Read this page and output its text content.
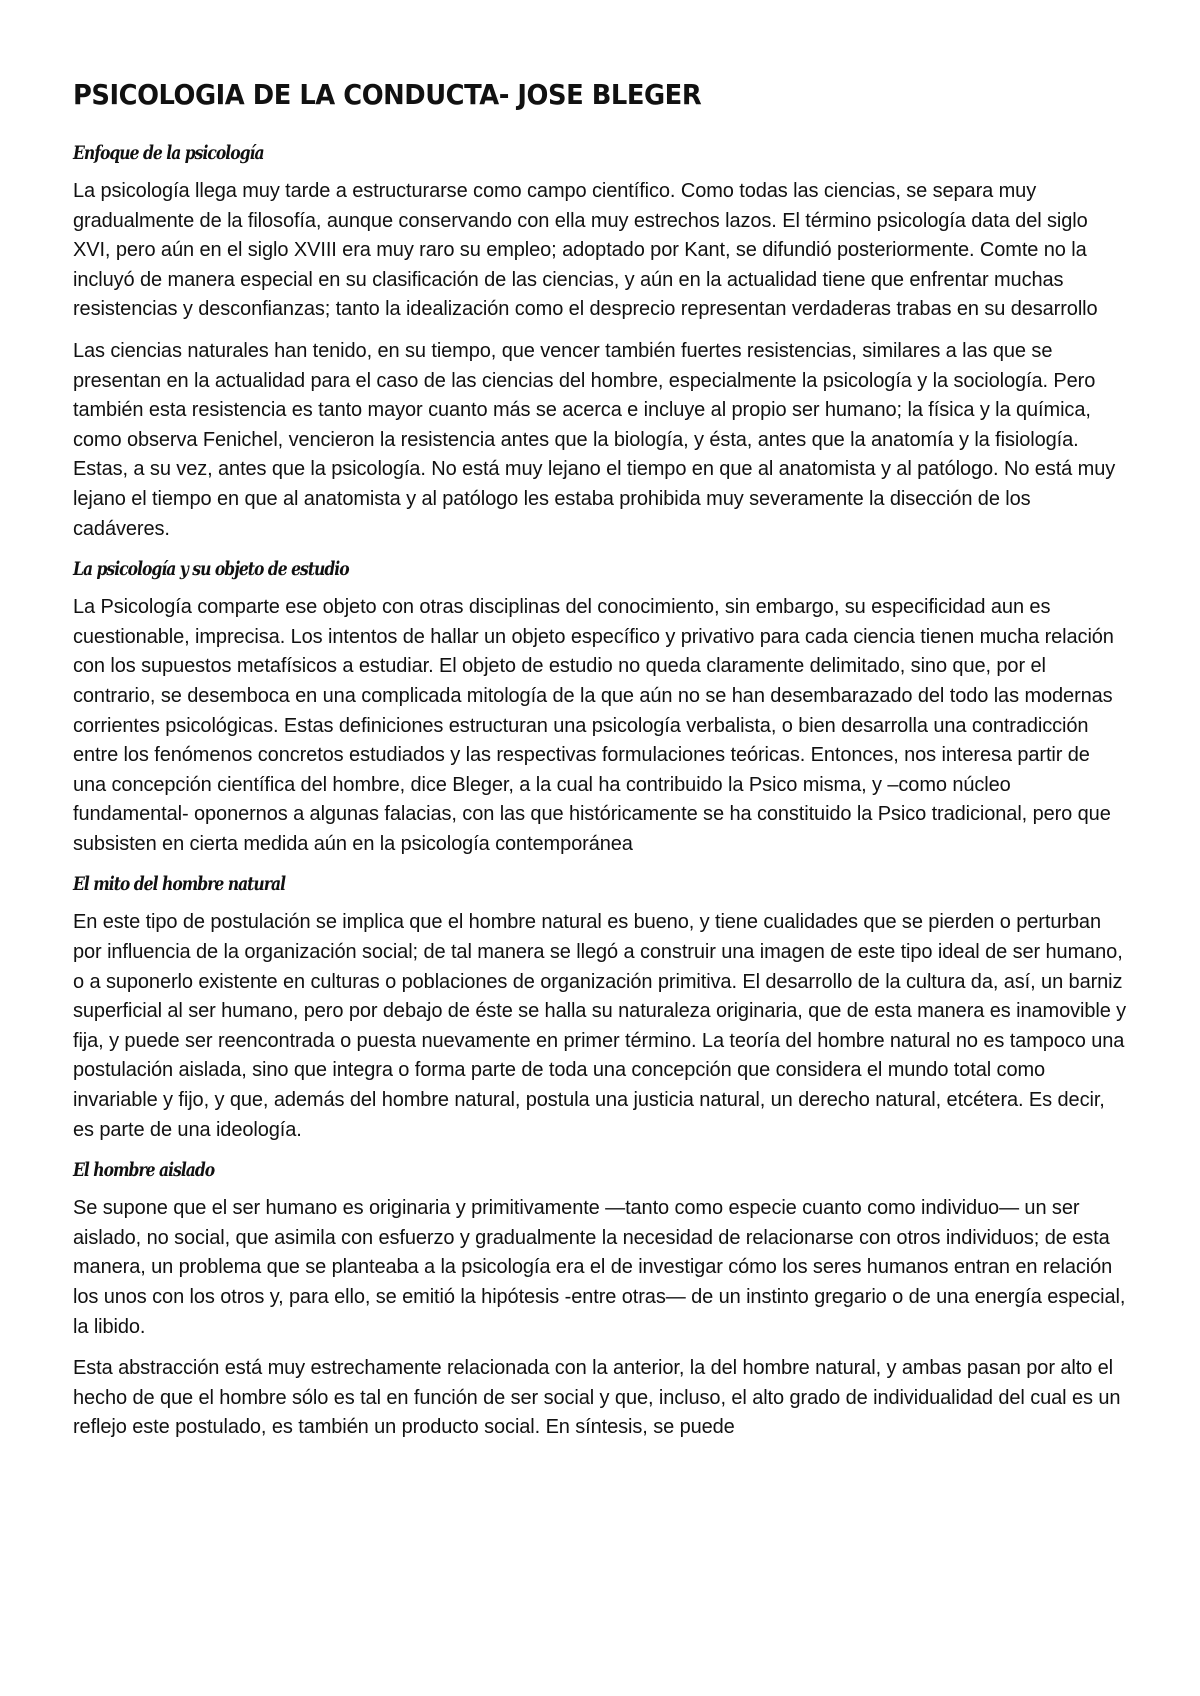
PSICOLOGIA DE LA CONDUCTA- JOSE BLEGER
Enfoque de la psicología

La psicología llega muy tarde a estructurarse como campo científico. Como todas las ciencias, se separa muy gradualmente de la filosofía, aunque conservando con ella muy estrechos lazos. El término psicología data del siglo XVI, pero aún en el siglo XVIII era muy raro su empleo; adoptado por Kant, se difundió posteriormente. Comte no la incluyó de manera especial en su clasificación de las ciencias, y aún en la actualidad tiene que enfrentar muchas resistencias y desconfianzas; tanto la idealización como el desprecio representan verdaderas trabas en su desarrollo

Las ciencias naturales han tenido, en su tiempo, que vencer también fuertes resistencias, similares a las que se presentan en la actualidad para el caso de las ciencias del hombre, especialmente la psicología y la sociología. Pero también esta resistencia es tanto mayor cuanto más se acerca e incluye al propio ser humano; la física y la química, como observa Fenichel, vencieron la resistencia antes que la biología, y ésta, antes que la anatomía y la fisiología. Estas, a su vez, antes que la psicología. No está muy lejano el tiempo en que al anatomista y al patólogo. No está muy lejano el tiempo en que al anatomista y al patólogo les estaba prohibida muy severamente la disección de los cadáveres.

La psicología y su objeto de estudio

La Psicología comparte ese objeto con otras disciplinas del conocimiento, sin embargo, su especificidad aun es cuestionable, imprecisa. Los intentos de hallar un objeto específico y privativo para cada ciencia tienen mucha relación con los supuestos metafísicos a estudiar. El objeto de estudio no queda claramente delimitado, sino que, por el contrario, se desemboca en una complicada mitología de la que aún no se han desembarazado del todo las modernas corrientes psicológicas. Estas definiciones estructuran una psicología verbalista, o bien desarrolla una contradicción entre los fenómenos concretos estudiados y las respectivas formulaciones teóricas. Entonces, nos interesa partir de una concepción científica del hombre, dice Bleger, a la cual ha contribuido la Psico misma, y –como núcleo fundamental- oponernos a algunas falacias, con las que históricamente se ha constituido la Psico tradicional, pero que subsisten en cierta medida aún en la psicología contemporánea

El mito del hombre natural

En este tipo de postulación se implica que el hombre natural es bueno, y tiene cualidades que se pierden o perturban por influencia de la organización social; de tal manera se llegó a construir una imagen de este tipo ideal de ser humano, o a suponerlo existente en culturas o poblaciones de organización primitiva. El desarrollo de la cultura da, así, un barniz superficial al ser humano, pero por debajo de éste se halla su naturaleza originaria, que de esta manera es inamovible y fija, y puede ser reencontrada o puesta nuevamente en primer término. La teoría del hombre natural no es tampoco una postulación aislada, sino que integra o forma parte de toda una concepción que considera el mundo total como invariable y fijo, y que, además del hombre natural, postula una justicia natural, un derecho natural, etcétera. Es decir, es parte de una ideología.

El hombre aislado

Se supone que el ser humano es originaria y primitivamente —tanto como especie cuanto como individuo— un ser aislado, no social, que asimila con esfuerzo y gradualmente la necesidad de relacionarse con otros individuos; de esta manera, un problema que se planteaba a la psicología era el de investigar cómo los seres humanos entran en relación los unos con los otros y, para ello, se emitió la hipótesis -entre otras— de un instinto gregario o de una energía especial, la libido.

Esta abstracción está muy estrechamente relacionada con la anterior, la del hombre natural, y ambas pasan por alto el hecho de que el hombre sólo es tal en función de ser social y que, incluso, el alto grado de individualidad del cual es un reflejo este postulado, es también un producto social. En síntesis, se puede
